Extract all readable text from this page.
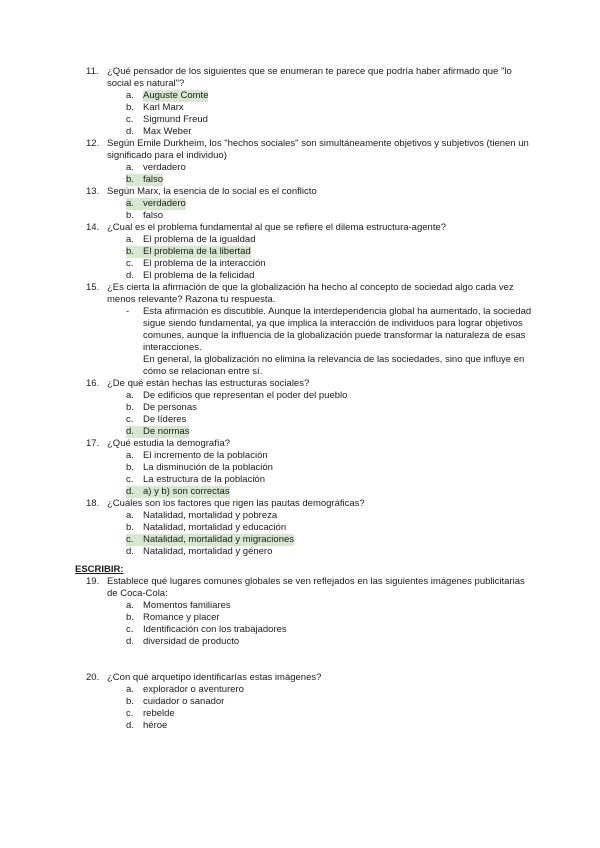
11. ¿Qué pensador de los siguientes que se enumeran te parece que podría haber afirmado que "lo social es natural"?
a. Auguste Comte
b. Karl Marx
c.	Sigmund Freud
d. Max Weber
12. Según Emile Durkheim, los "hechos sociales" son simultáneamente objetivos y subjetivos (tienen un significado para el individuo)
a. verdadero
b. falso
13. Según Marx, la esencia de lo social es el conflicto
a. verdadero
b. falso
14. ¿Cual es el problema fundamental al que se refiere el dilema estructura-agente?
a. El problema de la igualdad
b. El problema de la libertad
c.	El problema de la interacción
d. El problema de la felicidad
15. ¿Es cierta la afirmación de que la globalización ha hecho al concepto de sociedad algo cada vez menos relevante? Razona tu respuesta.
-	Esta afirmación es discutible. Aunque la interdependencia global ha aumentado, la sociedad sigue siendo fundamental, ya que implica la interacción de individuos para lograr objetivos comunes, aunque la influencia de la globalización puede transformar la naturaleza de esas interacciones.
En general, la globalización no elimina la relevancia de las sociedades, sino que influye en cómo se relacionan entre sí.
16. ¿De qué están hechas las estructuras sociales?
a. De edificios que representan el poder del pueblo
b. De personas
c.	De líderes
d. De normas
17. ¿Qué estudia la demografía?
a. El incremento de la población
b. La disminución de la población
c.	La estructura de la población
d. a) y b) son correctas
18. ¿Cuáles son los factores que rigen las pautas demográficas?
a. Natalidad, mortalidad y pobreza
b. Natalidad, mortalidad y educación
c.	Natalidad, mortalidad y migraciones
d. Natalidad, mortalidad y género
ESCRIBIR:
19. Establece qué lugares comunes globales se ven reflejados en las siguientes imágenes publicitarias de Coca-Cola:
a. Momentos familiares
b. Romance y placer
c.	Identificación con los trabajadores
d. diversidad de producto
20. ¿Con qué arquetipo identificarías estas imágenes?
a. explorador o aventurero
b. cuidador o sanador
c.	rebelde
d. héroe
